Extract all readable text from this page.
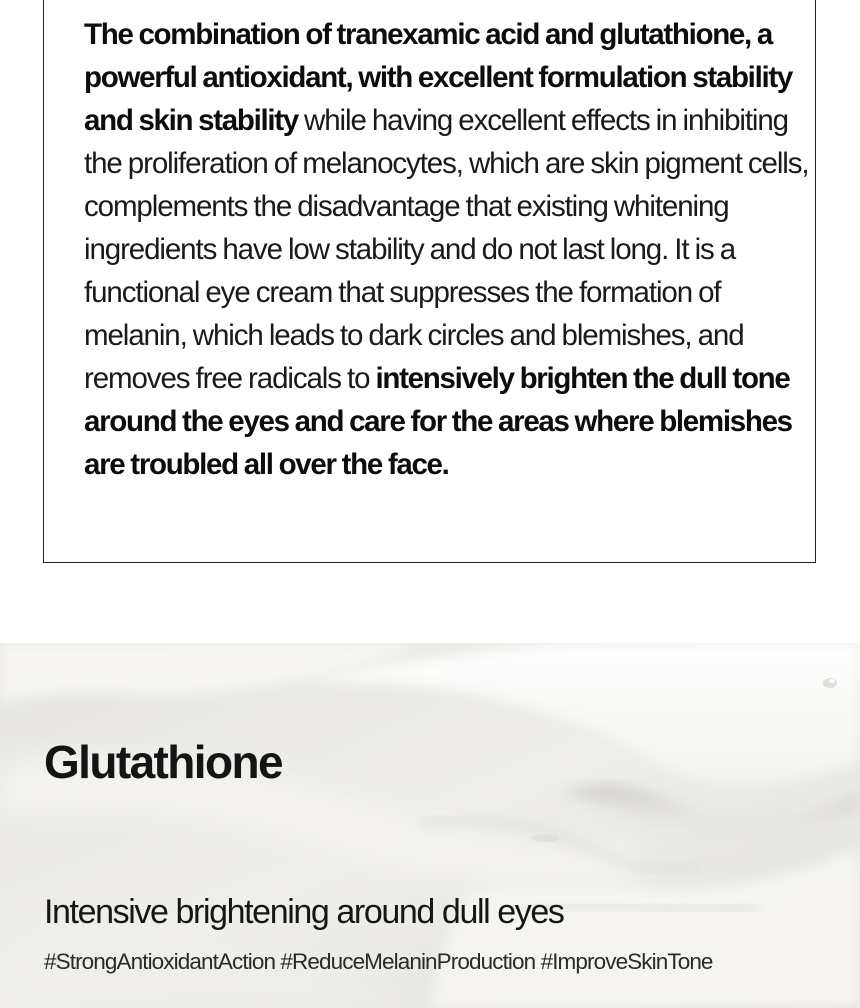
The combination of tranexamic acid and glutathione, a powerful antioxidant, with excellent formulation stability and skin stability while having excellent effects in inhibiting the proliferation of melanocytes, which are skin pigment cells, complements the disadvantage that existing whitening ingredients have low stability and do not last long. It is a functional eye cream that suppresses the formation of melanin, which leads to dark circles and blemishes, and removes free radicals to intensively brighten the dull tone around the eyes and care for the areas where blemishes are troubled all over the face.

Glutathione
Intensive brightening around dull eyes

#StrongAntioxidantAction #ReduceMelaninProduction #ImproveSkinTone
